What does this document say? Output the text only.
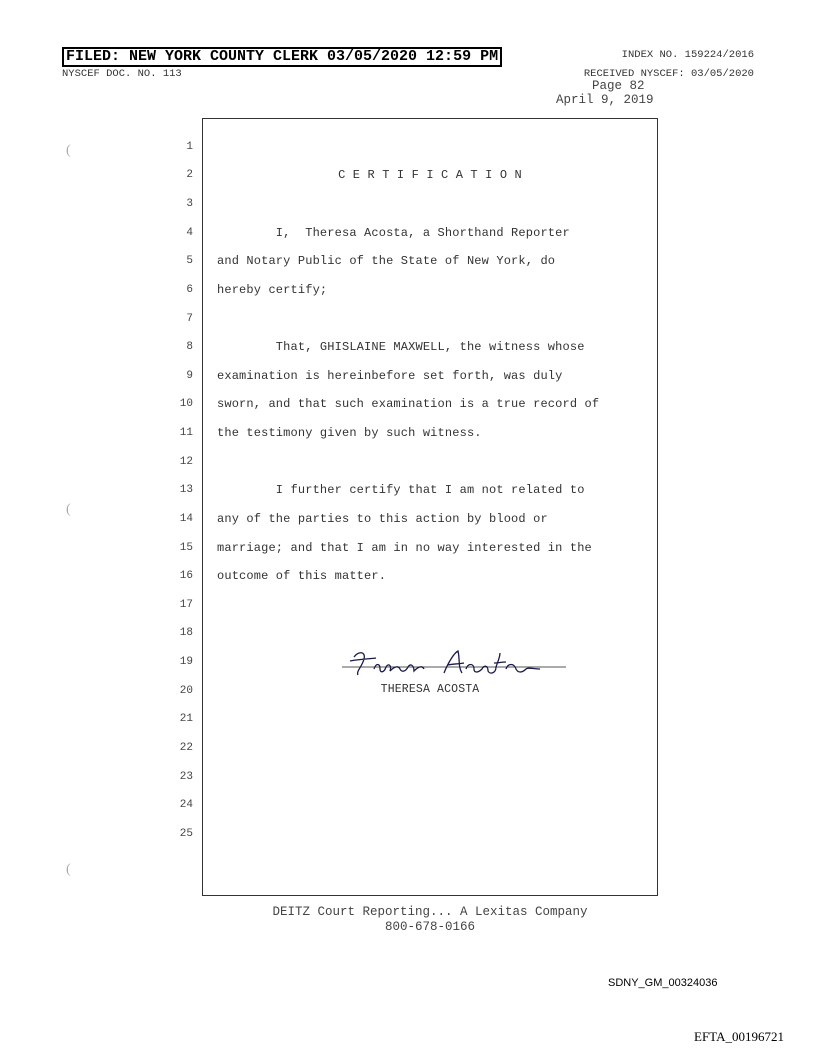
FILED: NEW YORK COUNTY CLERK 03/05/2020 12:59 PM
NYSCEF DOC. NO. 113
INDEX NO. 159224/2016
RECEIVED NYSCEF: 03/05/2020
Page 82
April 9, 2019
(
(
(
1
2
3
4
5
6
7
8
9
10
11
12
13
14
15
16
17
18
19
20
21
22
23
24
25
C E R T I F I C A T I O N
I,  Theresa Acosta, a Shorthand Reporter
and Notary Public of the State of New York, do
hereby certify;
That, GHISLAINE MAXWELL, the witness whose
examination is hereinbefore set forth, was duly
sworn, and that such examination is a true record of
the testimony given by such witness.
I further certify that I am not related to
any of the parties to this action by blood or
marriage; and that I am in no way interested in the
outcome of this matter.
THERESA ACOSTA
DEITZ Court Reporting... A Lexitas Company
800-678-0166
SDNY_GM_00324036
EFTA_00196721
